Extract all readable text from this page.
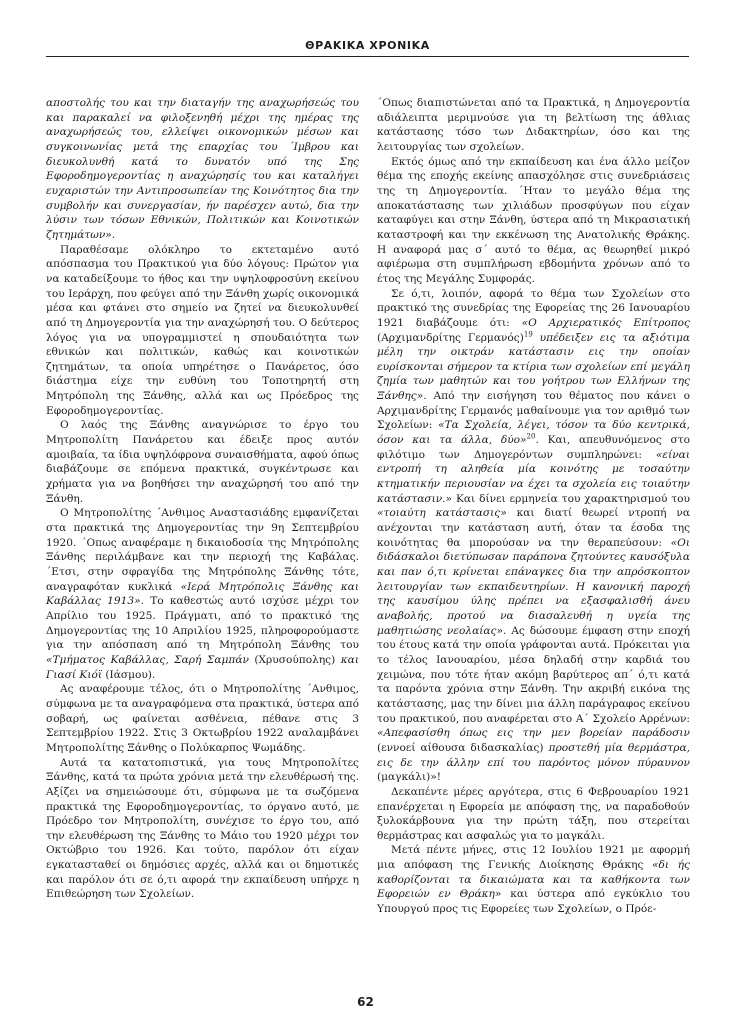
ΘΡΑΚΙΚΑ ΧΡΟΝΙΚΑ

αποστολής του και την διαταγήν της αναχωρήσεώς του και παρακαλεί να φιλοξενηθή μέχρι της ημέρας της αναχωρήσεώς του, ελλείψει οικονομικών μέσων και συγκοινωνίας μετά της επαρχίας του ΄Ιμβρου και διευκολυνθή κατά το δυνατόν υπό της Σης Εφοροδημογεροντίας η αναχώρησίς του και καταλήγει ευχαριστών την Αντιπροσωπείαν της Κοινότητος δια την συμβολήν και συνεργασίαν, ήν παρέσχεν αυτώ, δια την λύσιν των τόσων Εθνικών, Πολιτικών και Κοινοτικών ζητημάτων».

Παραθέσαμε ολόκληρο το εκτεταμένο αυτό απόσπασμα του Πρακτικού για δύο λόγους: Πρώτον για να καταδείξουμε το ήθος και την υψηλοφροσύνη εκείνου του Ιεράρχη, που φεύγει από την Ξάνθη χωρίς οικονομικά μέσα και φτάνει στο σημείο να ζητεί να διευκολυνθεί από τη Δημογεροντία για την αναχώρησή του. Ο δεύτερος λόγος για να υπογραμμιστεί η σπουδαιότητα των εθνικών και πολιτικών, καθώς και κοινοτικών ζητημάτων, τα οποία υπηρέτησε ο Πανάρετος, όσο διάστημα είχε την ευθύνη του Τοποτηρητή στη Μητρόπολη της Ξάνθης, αλλά και ως Πρόεδρος της Εφοροδημογεροντίας.

Ο λαός της Ξάνθης αναγνώρισε το έργο του Μητροπολίτη Πανάρετου και έδειξε προς αυτόν αμοιβαία, τα ίδια υψηλόφρονα συναισθήματα, αφού όπως διαβάζουμε σε επόμενα πρακτικά, συγκέντρωσε και χρήματα για να βοηθήσει την αναχώρησή του από την Ξάνθη.

Ο Μητροπολίτης ΄Ανθιμος Αναστασιάδης εμφανίζεται στα πρακτικά της Δημογεροντίας την 9η Σεπτεμβρίου 1920. ΄Οπως αναφέραμε η δικαιοδοσία της Μητρόπολης Ξάνθης περιλάμβανε και την περιοχή της Καβάλας. ΄Ετσι, στην σφραγίδα της Μητρόπολης Ξάνθης τότε, αναγραφόταν κυκλικά «Ιερά Μητρόπολις Ξάνθης και Καβάλλας 1913». Το καθεστώς αυτό ισχύσε μέχρι τον Απρίλιο του 1925. Πράγματι, από το πρακτικό της Δημογεροντίας της 10 Απριλίου 1925, πληροφορούμαστε για την απόσπαση από τη Μητρόπολη Ξάνθης του «Τμήματος Καβάλλας, Σαρή Σαμπάν (Χρυσούπολης) και Γιασί Κιόϊ (Ιάσμου).

Ας αναφέρουμε τέλος, ότι ο Μητροπολίτης ΄Ανθιμος, σύμφωνα με τα αναγραφόμενα στα πρακτικά, ύστερα από σοβαρή, ως φαίνεται ασθένεια, πέθανε στις 3 Σεπτεμβρίου 1922. Στις 3 Οκτωβρίου 1922 αναλαμβάνει Μητροπολίτης Ξάνθης ο Πολύκαρπος Ψωμάδης.

Αυτά τα κατατοπιστικά, για τους Μητροπολίτες Ξάνθης, κατά τα πρώτα χρόνια μετά την ελευθέρωσή της. Αξίζει να σημειώσουμε ότι, σύμφωνα με τα σωζόμενα πρακτικά της Εφοροδημογεροντίας, το όργανο αυτό, με Πρόεδρο τον Μητροπολίτη, συνέχισε το έργο του, από την ελευθέρωση της Ξάνθης το Μάιο του 1920 μέχρι τον Οκτώβριο του 1926. Και τούτο, παρόλον ότι είχαν εγκατασταθεί οι δημόσιες αρχές, αλλά και οι δημοτικές και παρόλον ότι σε ό,τι αφορά την εκπαίδευση υπήρχε η Επιθεώρηση των Σχολείων.

΄Οπως διαπιστώνεται από τα Πρακτικά, η Δημογεροντία αδιάλειπτα μεριμνούσε για τη βελτίωση της άθλιας κατάστασης τόσο των Διδακτηρίων, όσο και της λειτουργίας των σχολείων.

Εκτός όμως από την εκπαίδευση και ένα άλλο μείζον θέμα της εποχής εκείνης απασχόλησε στις συνεδριάσεις της τη Δημογεροντία. ΄Ηταν το μεγάλο θέμα της αποκατάστασης των χιλιάδων προσφύγων που είχαν καταφύγει και στην Ξάνθη, ύστερα από τη Μικρασιατική καταστροφή και την εκκένωση της Ανατολικής Θράκης. Η αναφορά μας σ΄ αυτό το θέμα, ας θεωρηθεί μικρό αφιέρωμα στη συμπλήρωση εβδομήντα χρόνων από το έτος της Μεγάλης Συμφοράς.

Σε ό,τι, λοιπόν, αφορά το θέμα των Σχολείων στο πρακτικό της συνεδρίας της Εφορείας της 26 Ιανουαρίου 1921 διαβάζουμε ότι: «Ο Αρχιερατικός Επίτροπος (Αρχιμανδρίτης Γερμανός)$^{19}$ υπέδειξεν εις τα αξιότιμα μέλη την οικτράν κατάστασιν εις την οποίαν ευρίσκονται σήμερον τα κτίρια των σχολείων επί μεγάλη ζημία των μαθητών και του γοήτρου των Ελλήνων της Ξάνθης». Από την εισήγηση του θέματος που κάνει ο Αρχιμανδρίτης Γερμανός μαθαίνουμε για τον αριθμό των Σχολείων: «Τα Σχολεία, λέγει, τόσον τα δύο κεντρικά, όσον και τα άλλα, δύο»$^{20}$. Και, απευθυνόμενος στο φιλότιμο των Δημογερόντων συμπληρώνει: «είναι εντροπή τη αληθεία μία κοινότης με τοσαύτην κτηματικήν περιουσίαν να έχει τα σχολεία εις τοιαύτην κατάστασιν.» Και δίνει ερμηνεία του χαρακτηρισμού του «τοιαύτη κατάστασις» και διατί θεωρεί ντροπή να ανέχονται την κατάσταση αυτή, όταν τα έσοδα της κοινότητας θα μπορούσαν να την θεραπεύσουν: «Οι διδάσκαλοι διετύπωσαν παράπονα ζητούντες καυσόξυλα και παν ό,τι κρίνεται επάναγκες δια την απρόσκοπτον λειτουργίαν των εκπαιδευτηρίων. Η κανονική παροχή της καυσίμου ύλης πρέπει να εξασφαλισθή άνευ αναβολής, προτού να διασαλευθή η υγεία της μαθητιώσης νεολαίας». Ας δώσουμε έμφαση στην εποχή του έτους κατά την οποία γράφονται αυτά. Πρόκειται για το τέλος Ιανουαρίου, μέσα δηλαδή στην καρδιά του χειμώνα, που τότε ήταν ακόμη βαρύτερος απ΄ ό,τι κατά τα παρόντα χρόνια στην Ξάνθη. Την ακριβή εικόνα της κατάστασης, μας την δίνει μια άλλη παράγραφος εκείνου του πρακτικού, που αναφέρεται στο Α΄ Σχολείο Αρρένων: «Απεφασίσθη όπως εις την μεν βορείαν παράδοσιν (εννοεί αίθουσα διδασκαλίας) προστεθή μία θερμάστρα, εις δε την άλλην επί του παρόντος μόνον πύραυνον (μαγκάλι)»!

Δεκαπέντε μέρες αργότερα, στις 6 Φεβρουαρίου 1921 επανέρχεται η Εφορεία με απόφαση της, να παραδοθούν ξυλοκάρβουνα για την πρώτη τάξη, που στερείται θερμάστρας και ασφαλώς για το μαγκάλι.

Μετά πέντε μήνες, στις 12 Ιουλίου 1921 με αφορμή μια απόφαση της Γενικής Διοίκησης Θράκης «δι ής καθορίζονται τα δικαιώματα και τα καθήκοντα των Εφορειών εν Θράκη» και ύστερα από εγκύκλιο του Υπουργού προς τις Εφορείες των Σχολείων, ο Πρόε-

62
